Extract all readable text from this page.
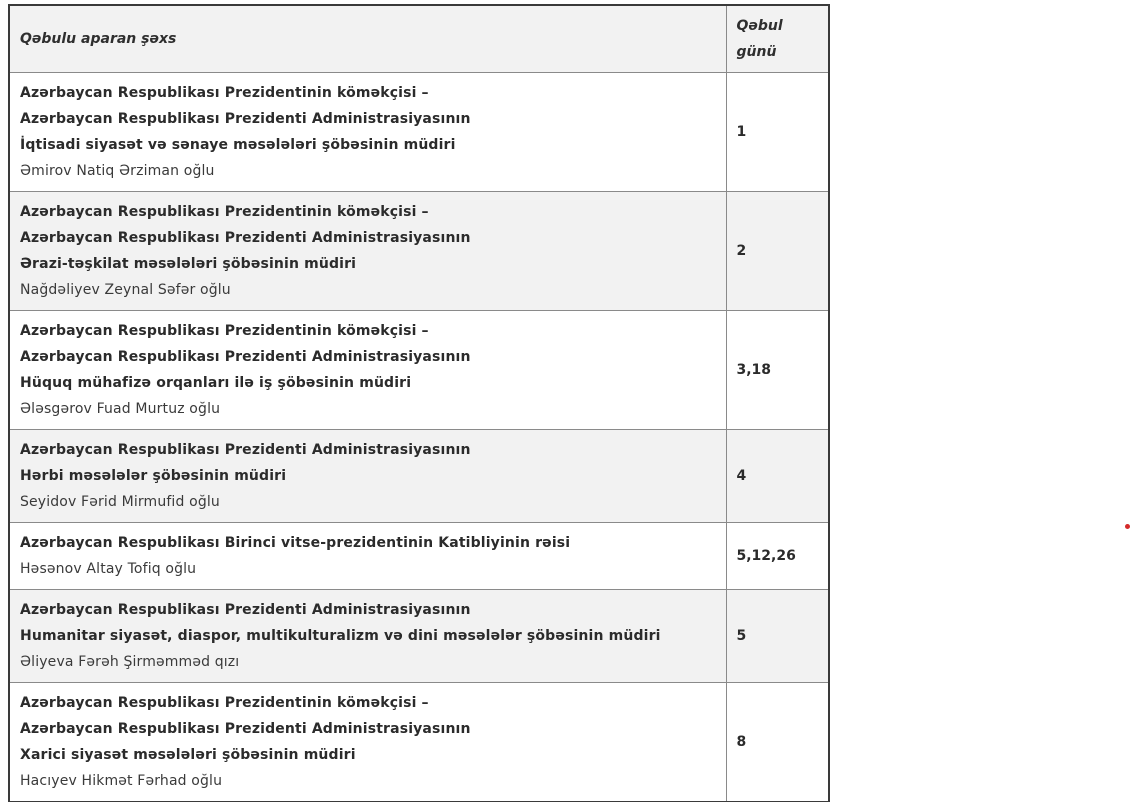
Qəbulu aparan şəxs	Qəbul
günü

Azərbaycan Respublikası Prezidentinin köməkçisi –
Azərbaycan Respublikası Prezidenti Administrasiyasının
İqtisadi siyasət və sənaye məsələləri şöbəsinin müdiri
Əmirov Natiq Ərziman oğlu	1

Azərbaycan Respublikası Prezidentinin köməkçisi –
Azərbaycan Respublikası Prezidenti Administrasiyasının
Ərazi-təşkilat məsələləri şöbəsinin müdiri
Nağdəliyev Zeynal Səfər oğlu	2

Azərbaycan Respublikası Prezidentinin köməkçisi –
Azərbaycan Respublikası Prezidenti Administrasiyasının
Hüquq mühafizə orqanları ilə iş şöbəsinin müdiri
Ələsgərov Fuad Murtuz oğlu	3,18

Azərbaycan Respublikası Prezidenti Administrasiyasının
Hərbi məsələlər şöbəsinin müdiri
Seyidov Fərid Mirmufid oğlu	4

Azərbaycan Respublikası Birinci vitse-prezidentinin Katibliyinin rəisi
Həsənov Altay Tofiq oğlu	5,12,26

Azərbaycan Respublikası Prezidenti Administrasiyasının
Humanitar siyasət, diaspor, multikulturalizm və dini məsələlər şöbəsinin müdiri
Əliyeva Fərəh Şirməmməd qızı	5

Azərbaycan Respublikası Prezidentinin köməkçisi –
Azərbaycan Respublikası Prezidenti Administrasiyasının
Xarici siyasət məsələləri şöbəsinin müdiri
Hacıyev Hikmət Fərhad oğlu	8
